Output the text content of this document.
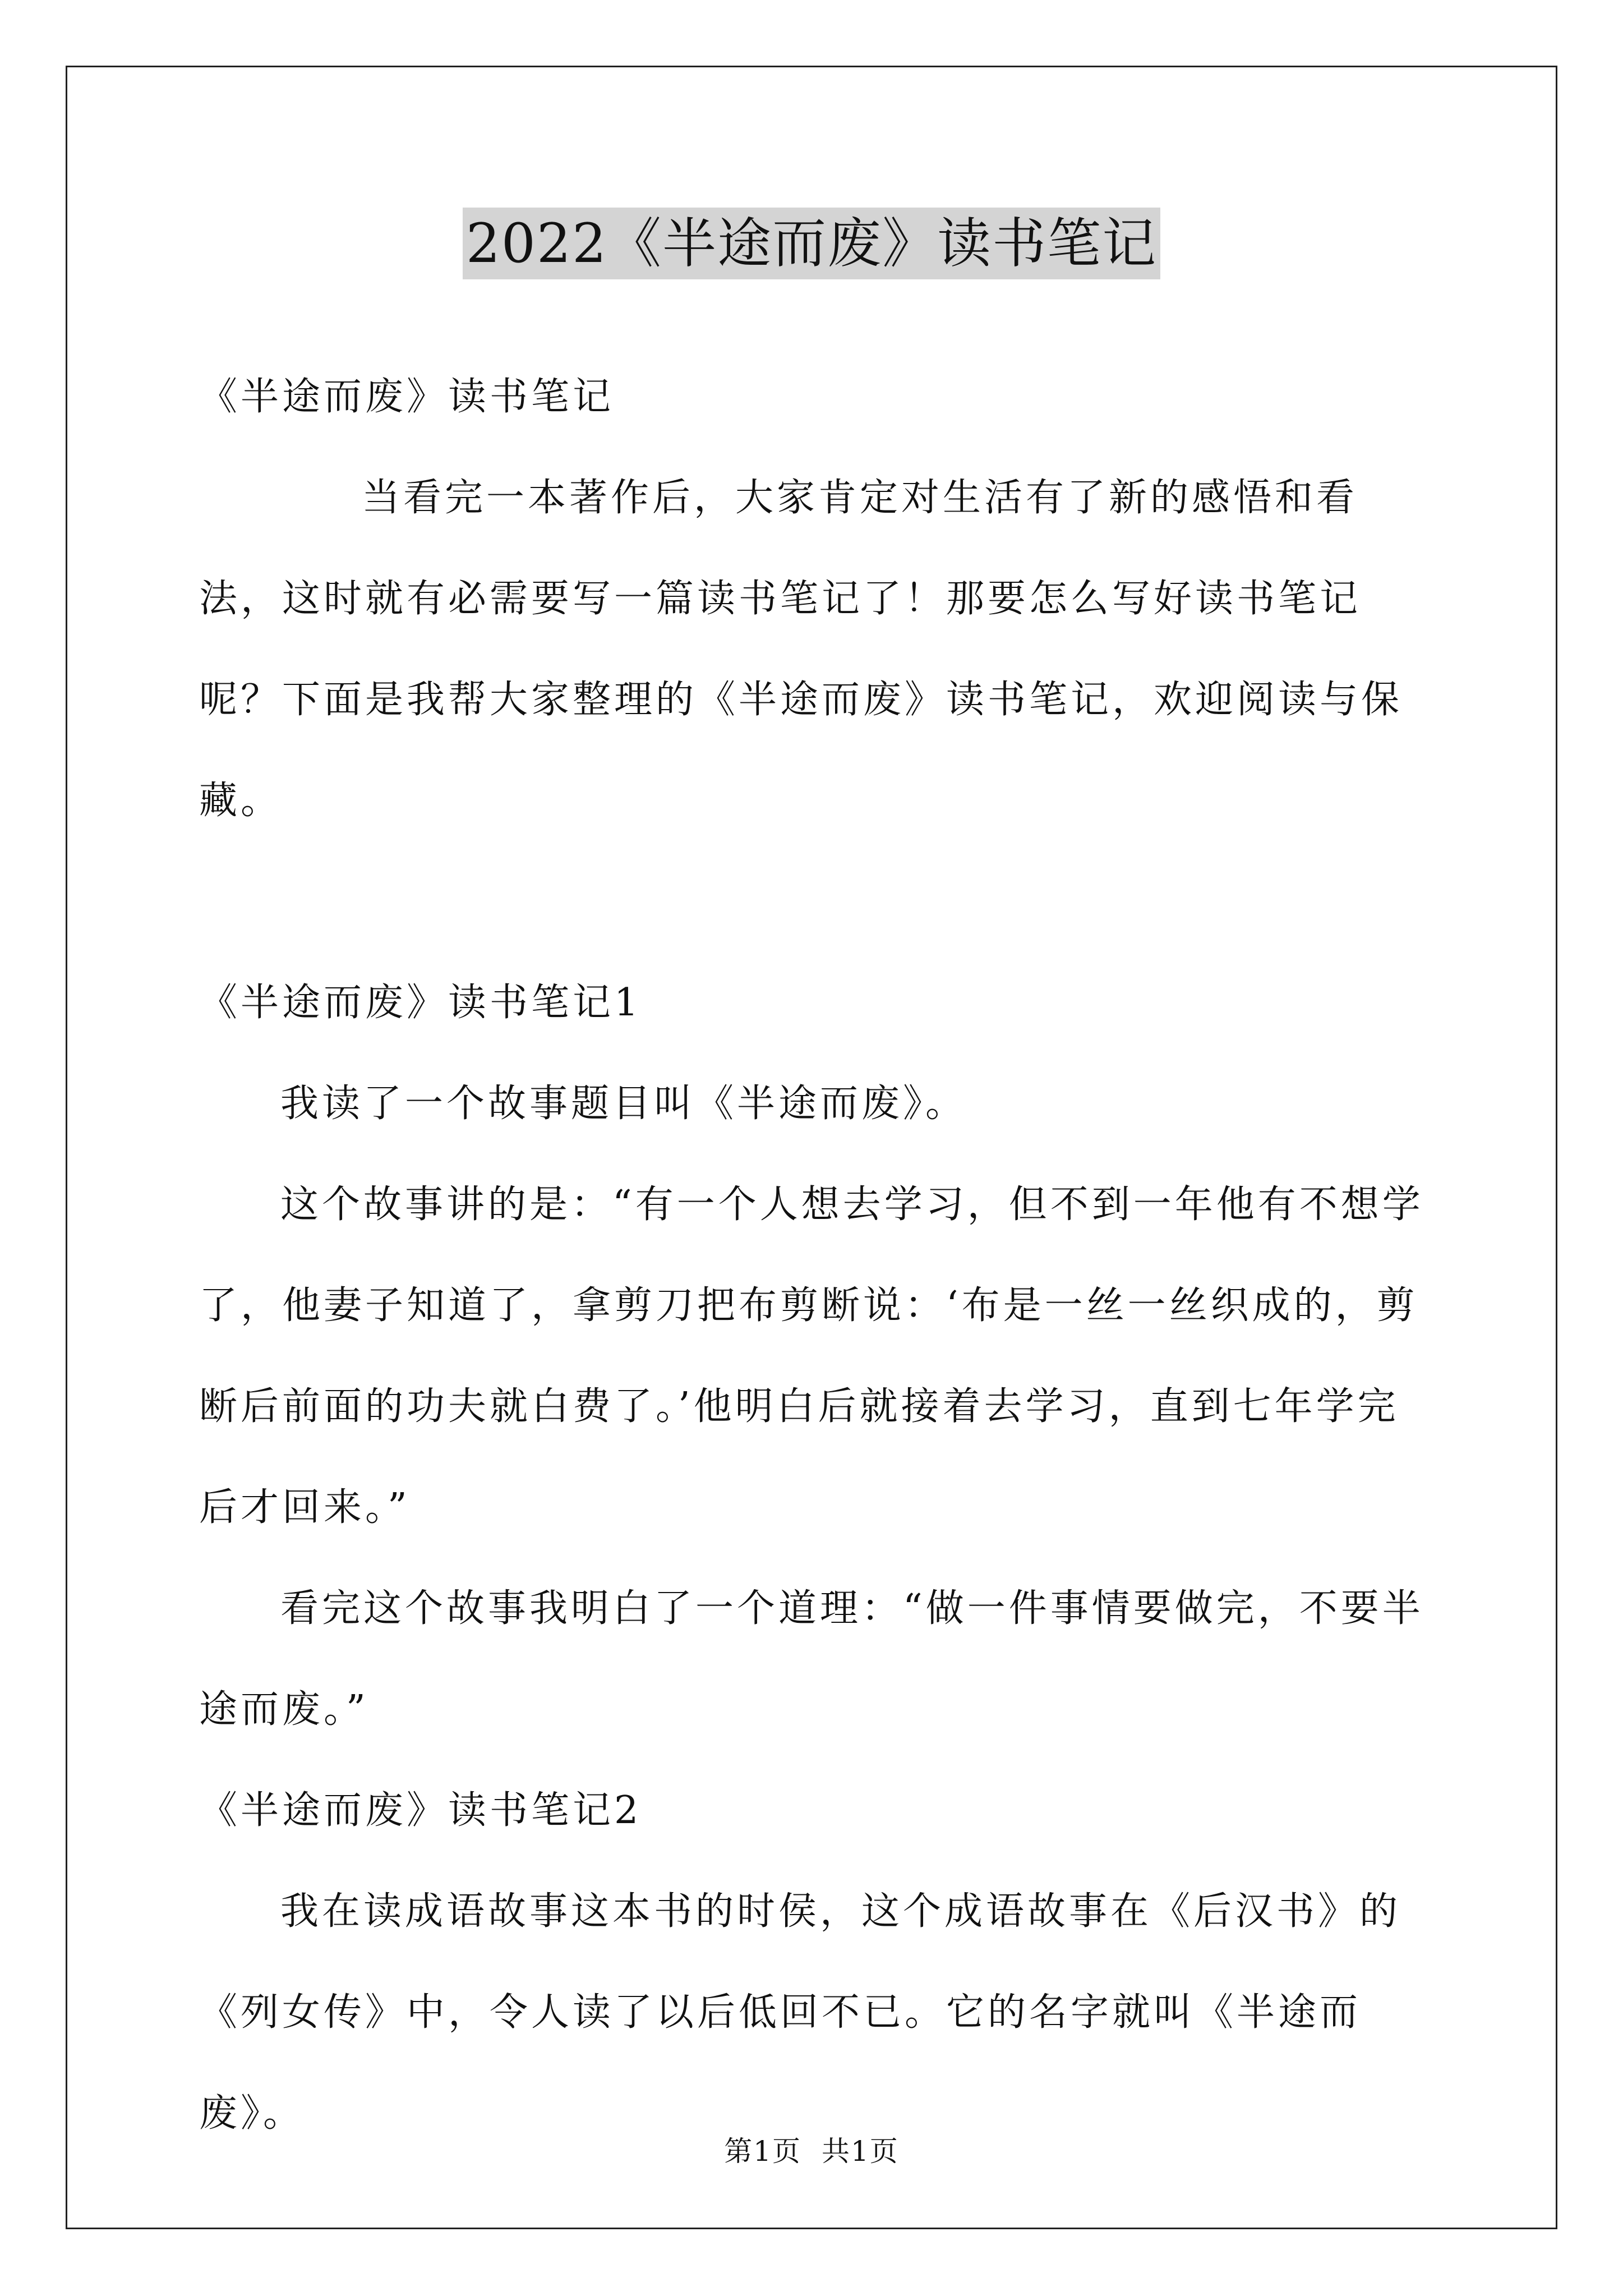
2022《半途而废》读书笔记

《半途而废》读书笔记

当看完一本著作后，大家肯定对生活有了新的感悟和看法，这时就有必需要写一篇读书笔记了！那要怎么写好读书笔记呢？下面是我帮大家整理的《半途而废》读书笔记，欢迎阅读与保藏。

《半途而废》读书笔记1

我读了一个故事题目叫《半途而废》。

这个故事讲的是：“有一个人想去学习，但不到一年他有不想学了，他妻子知道了，拿剪刀把布剪断说：‘布是一丝一丝织成的，剪断后前面的功夫就白费了。’他明白后就接着去学习，直到七年学完后才回来。”

看完这个故事我明白了一个道理：“做一件事情要做完，不要半途而废。”

《半途而废》读书笔记2

我在读成语故事这本书的时侯，这个成语故事在《后汉书》的《列女传》中，令人读了以后低回不已。它的名字就叫《半途而废》。

第1页 共1页
